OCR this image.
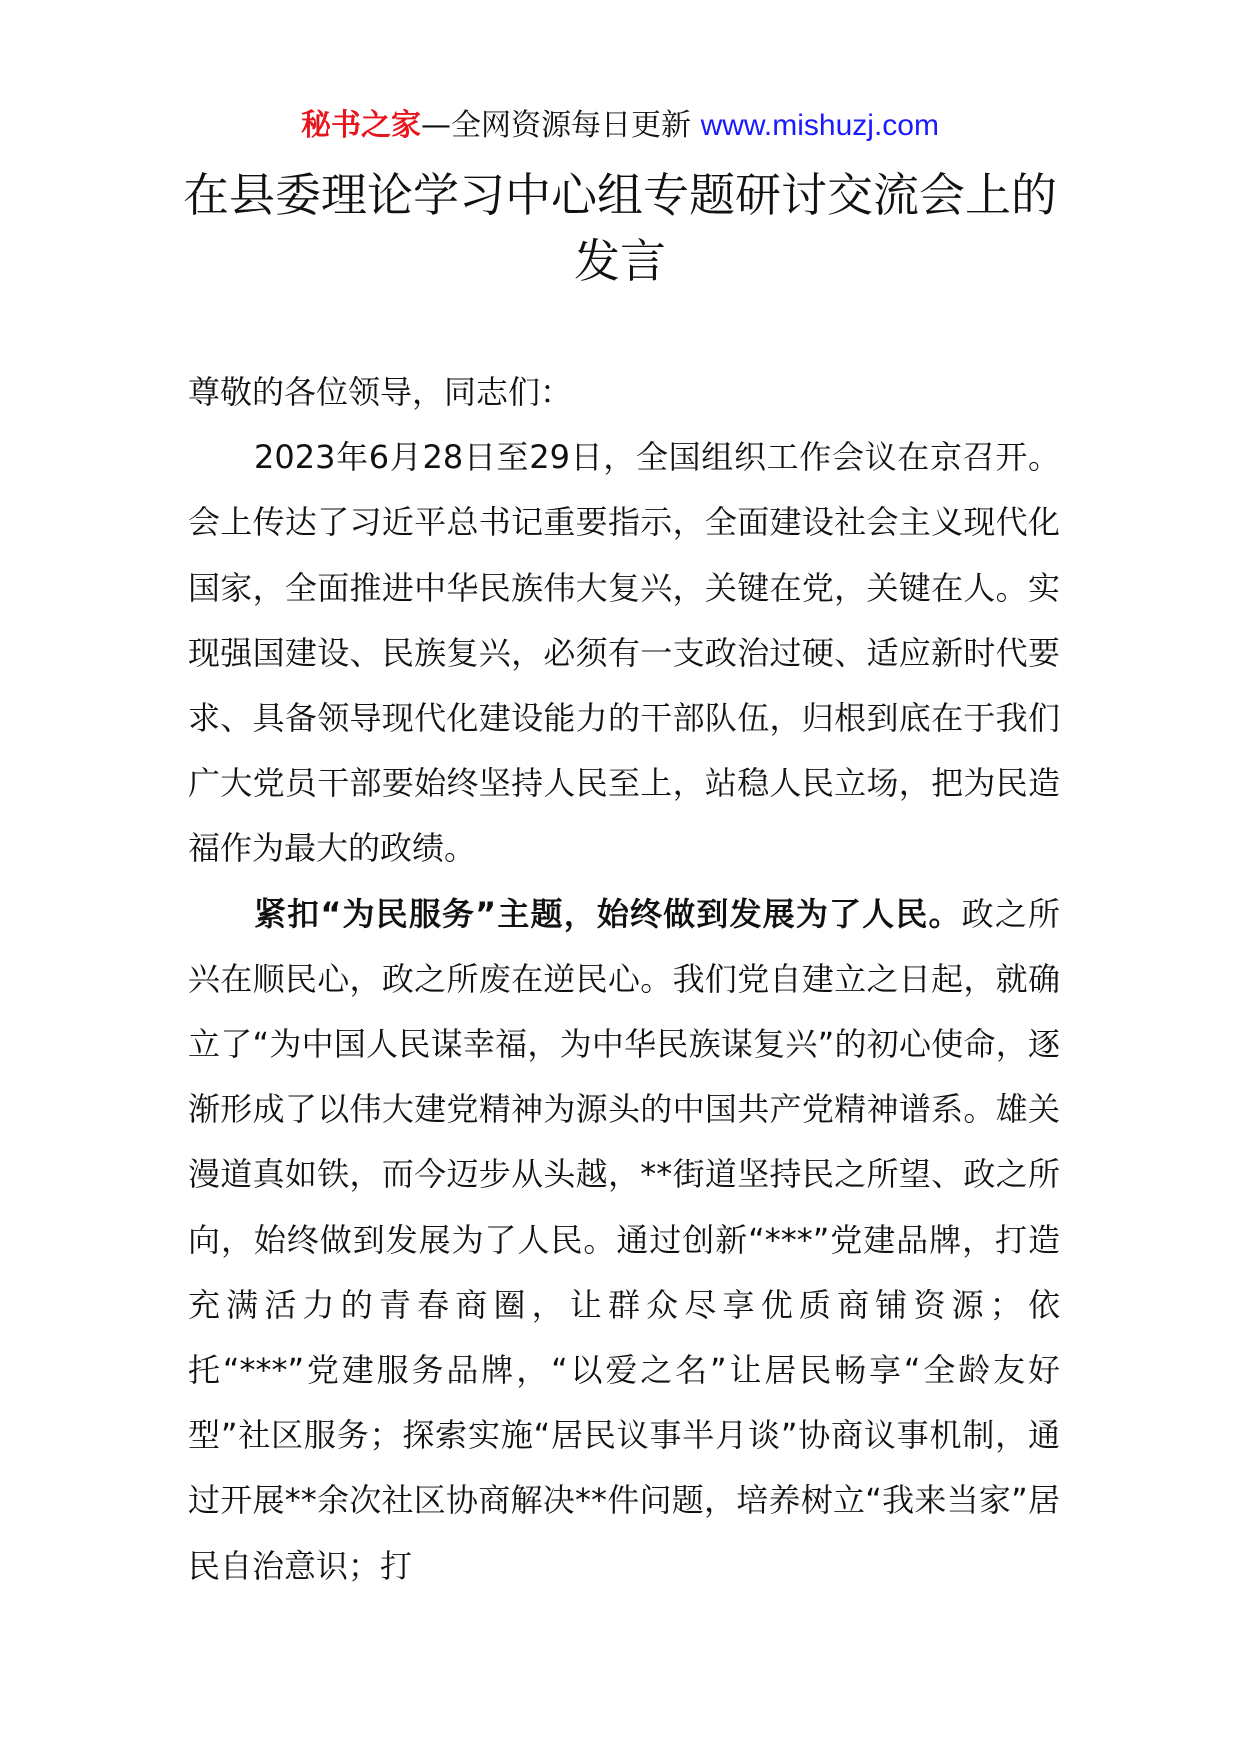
秘书之家—全网资源每日更新 www.mishuzj.com
在县委理论学习中心组专题研讨交流会上的发言

尊敬的各位领导，同志们：

2023年6月28日至29日，全国组织工作会议在京召开。会上传达了习近平总书记重要指示，全面建设社会主义现代化国家，全面推进中华民族伟大复兴，关键在党，关键在人。实现强国建设、民族复兴，必须有一支政治过硬、适应新时代要求、具备领导现代化建设能力的干部队伍，归根到底在于我们广大党员干部要始终坚持人民至上，站稳人民立场，把为民造福作为最大的政绩。

紧扣“为民服务”主题，始终做到发展为了人民。政之所兴在顺民心，政之所废在逆民心。我们党自建立之日起，就确立了“为中国人民谋幸福，为中华民族谋复兴”的初心使命，逐渐形成了以伟大建党精神为源头的中国共产党精神谱系。雄关漫道真如铁，而今迈步从头越，**街道坚持民之所望、政之所向，始终做到发展为了人民。通过创新“***”党建品牌，打造充满活力的青春商圈，让群众尽享优质商铺资源；依托“***”党建服务品牌，“以爱之名”让居民畅享“全龄友好型”社区服务；探索实施“居民议事半月谈”协商议事机制，通过开展**余次社区协商解决**件问题，培养树立“我来当家”居民自治意识；打
